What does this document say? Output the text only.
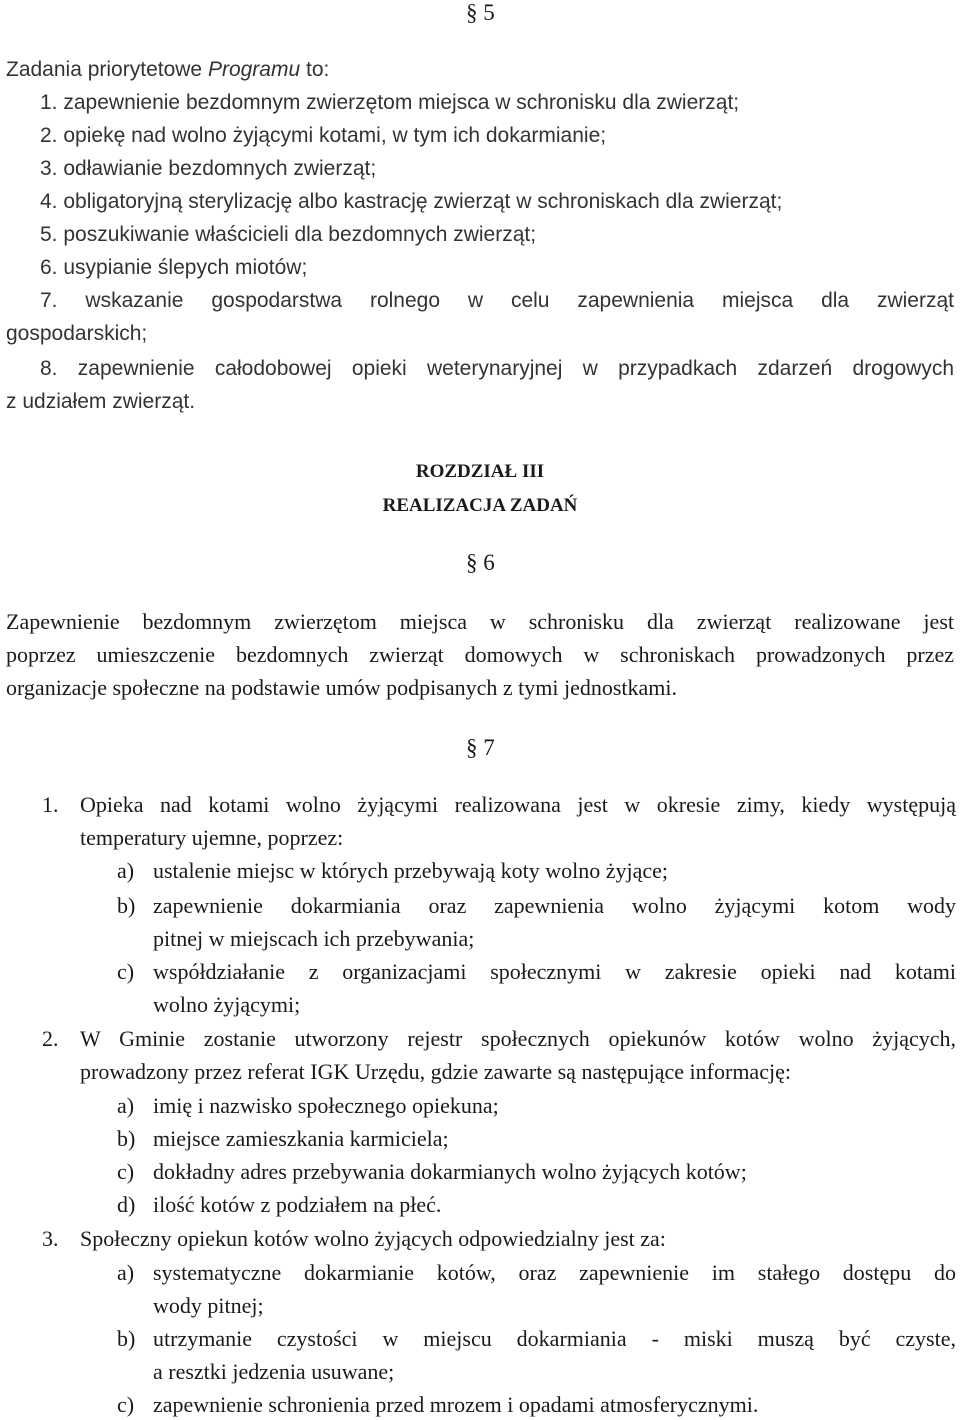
§ 5
Zadania priorytetowe Programu to:
1. zapewnienie bezdomnym zwierzętom miejsca w schronisku dla zwierząt;
2. opiekę nad wolno żyjącymi kotami, w tym ich dokarmianie;
3. odławianie bezdomnych zwierząt;
4. obligatoryjną sterylizację albo kastrację zwierząt w schroniskach dla zwierząt;
5. poszukiwanie właścicieli dla bezdomnych zwierząt;
6. usypianie ślepych miotów;
7. wskazanie gospodarstwa rolnego w celu zapewnienia miejsca dla zwierząt
gospodarskich;
8. zapewnienie całodobowej opieki weterynaryjnej w przypadkach zdarzeń drogowych
z udziałem zwierząt.
ROZDZIAŁ III
REALIZACJA ZADAŃ
§ 6
Zapewnienie bezdomnym zwierzętom miejsca w schronisku dla zwierząt realizowane jest
poprzez umieszczenie bezdomnych zwierząt domowych w schroniskach prowadzonych przez
organizacje społeczne na podstawie umów podpisanych z tymi jednostkami.
§ 7
1. Opieka nad kotami wolno żyjącymi realizowana jest w okresie zimy, kiedy występują
temperatury ujemne, poprzez:
a) ustalenie miejsc w których przebywają koty wolno żyjące;
b) zapewnienie dokarmiania oraz zapewnienia wolno żyjącymi kotom wody
pitnej w miejscach ich przebywania;
c) współdziałanie z organizacjami społecznymi w zakresie opieki nad kotami
wolno żyjącymi;
2. W Gminie zostanie utworzony rejestr społecznych opiekunów kotów wolno żyjących,
prowadzony przez referat IGK Urzędu, gdzie zawarte są następujące informację:
a) imię i nazwisko społecznego opiekuna;
b) miejsce zamieszkania karmiciela;
c) dokładny adres przebywania dokarmianych wolno żyjących kotów;
d) ilość kotów z podziałem na płeć.
3. Społeczny opiekun kotów wolno żyjących odpowiedzialny jest za:
a) systematyczne dokarmianie kotów, oraz zapewnienie im stałego dostępu do
wody pitnej;
b) utrzymanie czystości w miejscu dokarmiania - miski muszą być czyste,
a resztki jedzenia usuwane;
c) zapewnienie schronienia przed mrozem i opadami atmosferycznymi.
